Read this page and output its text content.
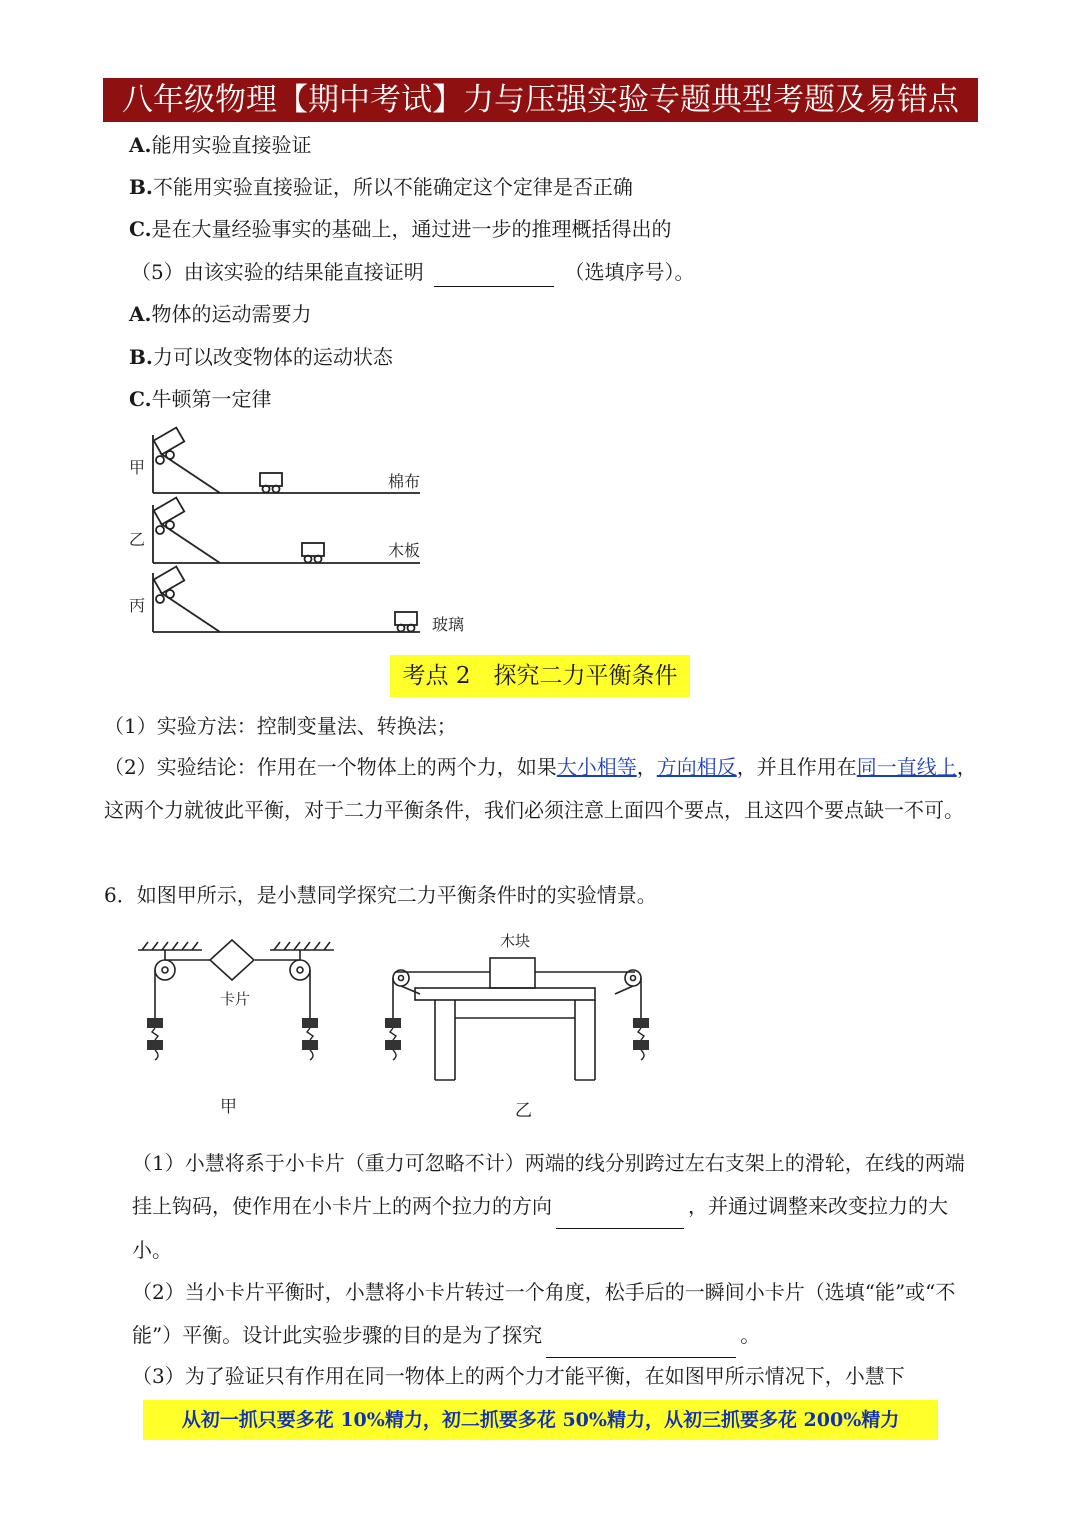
八年级物理【期中考试】力与压强实验专题典型考题及易错点
A.能用实验直接验证
B.不能用实验直接验证，所以不能确定这个定律是否正确
C.是在大量经验事实的基础上，通过进一步的推理概括得出的
（5）由该实验的结果能直接证明	（选填序号）。
A.物体的运动需要力
B.力可以改变物体的运动状态
C.牛顿第一定律
甲
棉布
乙
木板
丙
玻璃
考点 2　探究二力平衡条件
（1）实验方法：控制变量法、转换法；
（2）实验结论：作用在一个物体上的两个力，如果大小相等，方向相反，并且作用在同一直线上，这两个力就彼此平衡，对于二力平衡条件，我们必须注意上面四个要点，且这四个要点缺一不可。
6．如图甲所示，是小慧同学探究二力平衡条件时的实验情景。
卡片
木块
甲	乙
（1）小慧将系于小卡片（重力可忽略不计）两端的线分别跨过左右支架上的滑轮，在线的两端挂上钩码，使作用在小卡片上的两个拉力的方向	，并通过调整来改变拉力的大小。
（2）当小卡片平衡时，小慧将小卡片转过一个角度，松手后的一瞬间小卡片（选填“能”或“不能”）平衡。设计此实验步骤的目的是为了探究	。
（3）为了验证只有作用在同一物体上的两个力才能平衡，在如图甲所示情况下，小慧下
从初一抓只要多花 10%精力，初二抓要多花 50%精力，从初三抓要多花 200%精力
